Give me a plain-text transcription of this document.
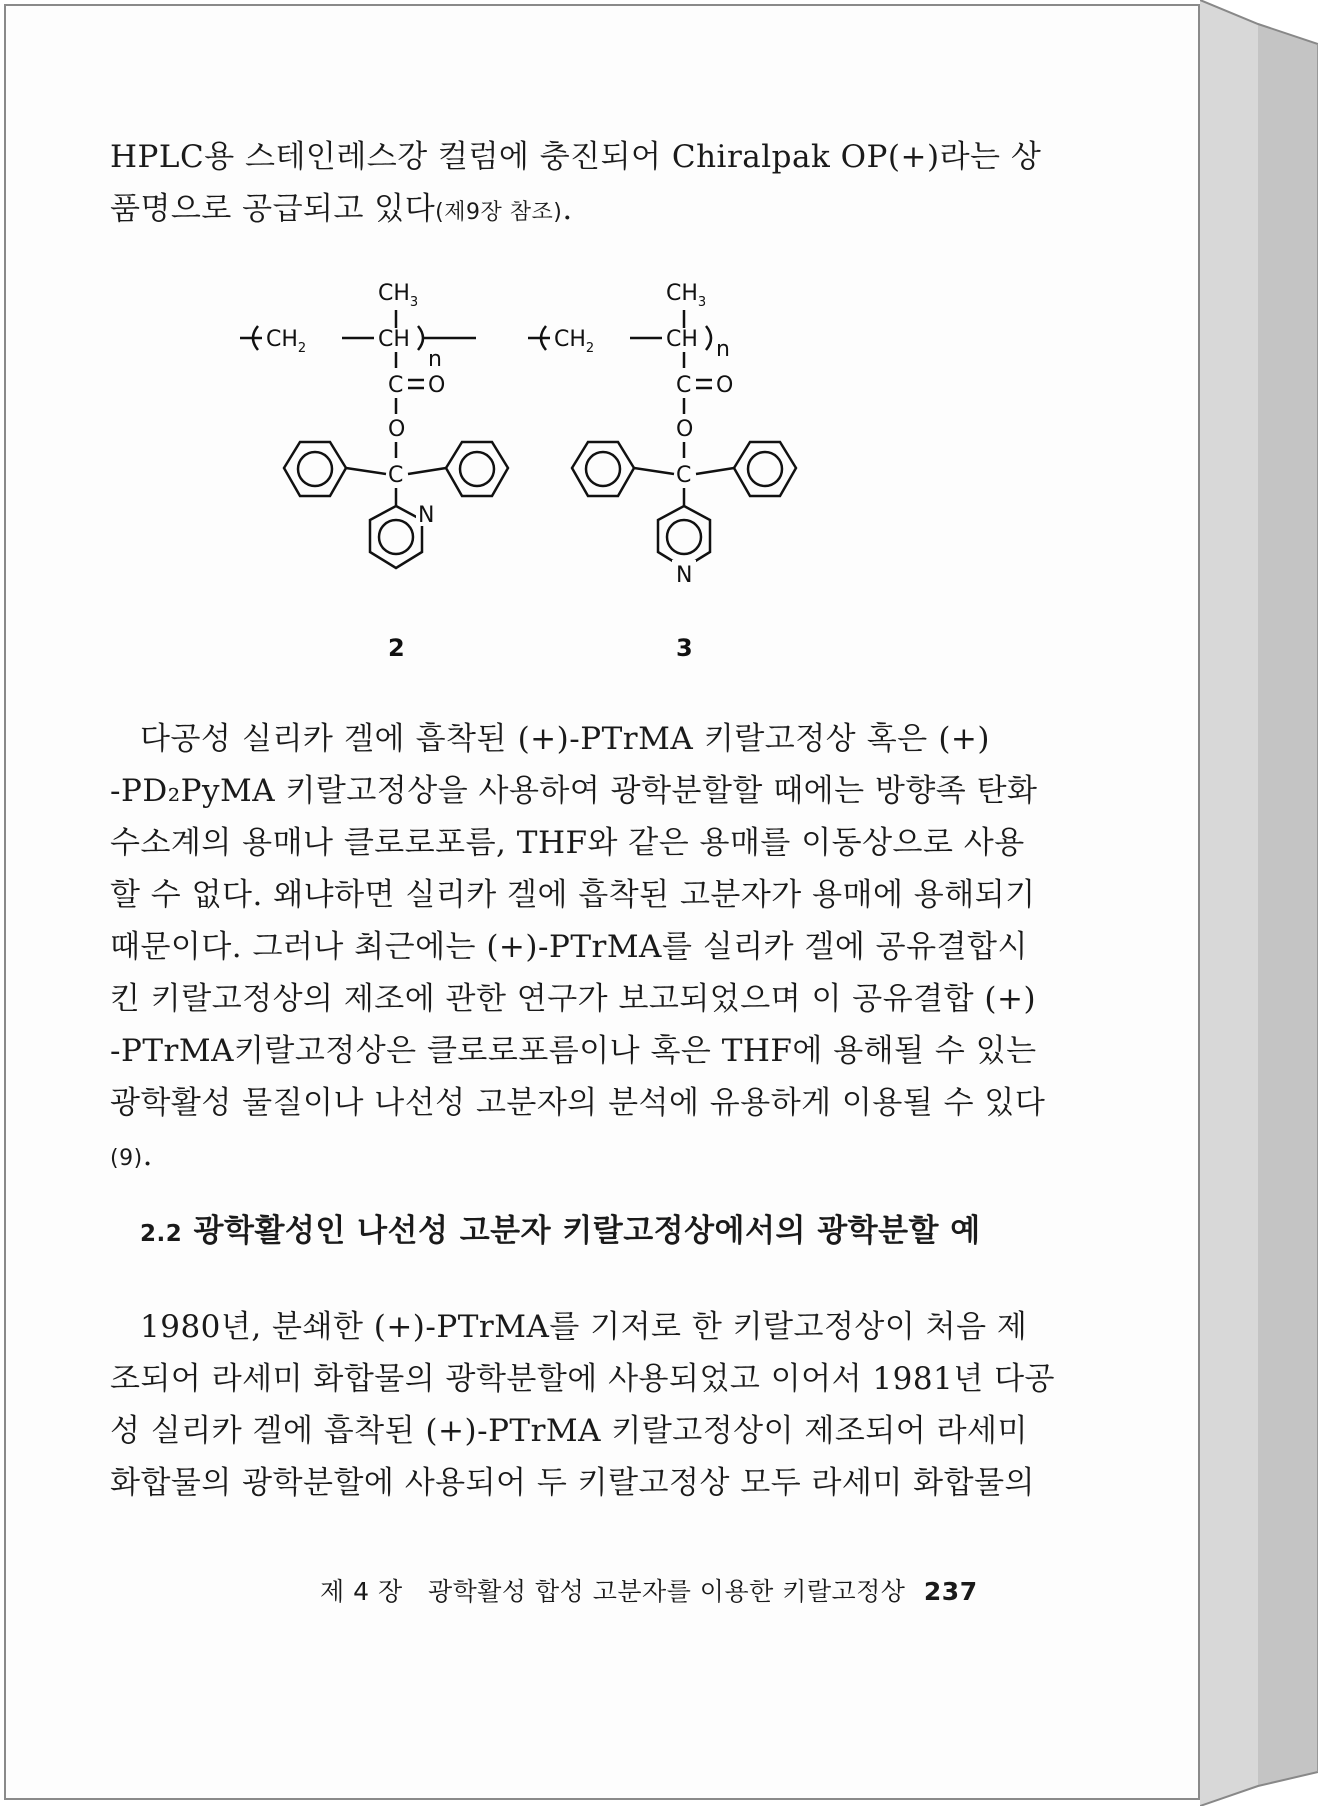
HPLC용 스테인레스강 컬럼에 충진되어 Chiralpak OP(+)라는 상
품명으로 공급되고 있다(제9장 참조).
$CH_3$
$CH_2$	CH
n
C O
O
C
N
2
$CH_3$
$CH_2$	CH n
C O
O
C
N
3
다공성 실리카 겔에 흡착된 (+)-PTrMA 키랄고정상 혹은 (+)
-PD₂PyMA 키랄고정상을 사용하여 광학분할할 때에는 방향족 탄화
수소계의 용매나 클로로포름, THF와 같은 용매를 이동상으로 사용
할 수 없다. 왜냐하면 실리카 겔에 흡착된 고분자가 용매에 용해되기
때문이다. 그러나 최근에는 (+)-PTrMA를 실리카 겔에 공유결합시
킨 키랄고정상의 제조에 관한 연구가 보고되었으며 이 공유결합 (+)
-PTrMA키랄고정상은 클로로포름이나 혹은 THF에 용해될 수 있는
광학활성 물질이나 나선성 고분자의 분석에 유용하게 이용될 수 있다
(9).
2.2 광학활성인 나선성 고분자 키랄고정상에서의 광학분할 예
1980년, 분쇄한 (+)-PTrMA를 기저로 한 키랄고정상이 처음 제
조되어 라세미 화합물의 광학분할에 사용되었고 이어서 1981년 다공
성 실리카 겔에 흡착된 (+)-PTrMA 키랄고정상이 제조되어 라세미
화합물의 광학분할에 사용되어 두 키랄고정상 모두 라세미 화합물의
제 4 장 광학활성 합성 고분자를 이용한 키랄고정상 237
